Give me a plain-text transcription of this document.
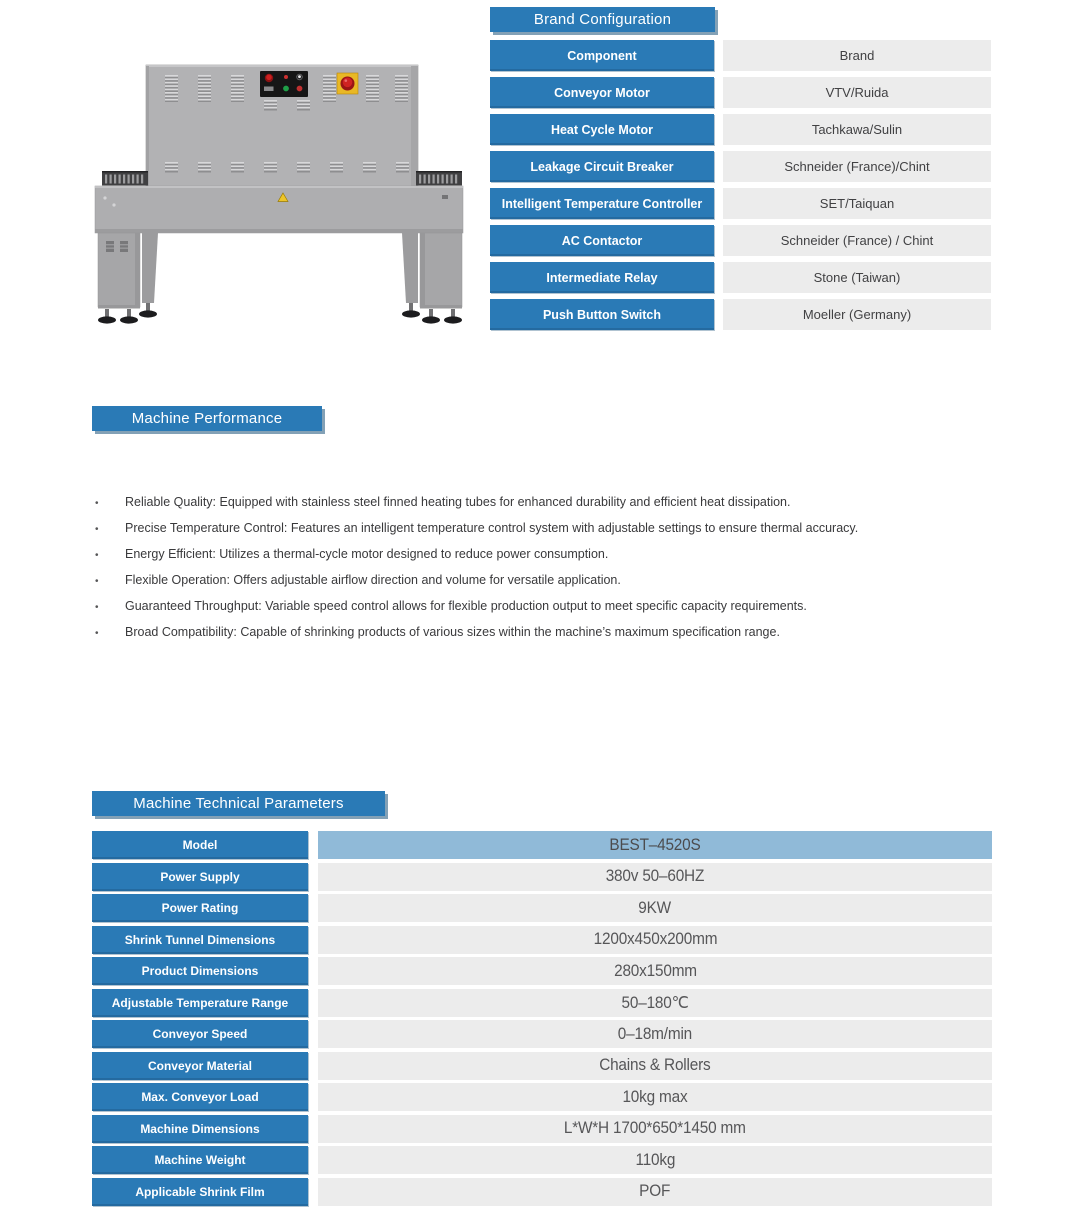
Brand Configuration
Component	Brand
Conveyor Motor	VTV/Ruida
Heat Cycle Motor	Tachkawa/Sulin
Leakage Circuit Breaker	Schneider (France)/Chint
Intelligent Temperature Controller	SET/Taiquan
AC Contactor	Schneider (France) / Chint
Intermediate Relay	Stone (Taiwan)
Push Button Switch	Moeller (Germany)
Machine Performance
• Reliable Quality: Equipped with stainless steel finned heating tubes for enhanced durability and efficient heat dissipation.
• Precise Temperature Control: Features an intelligent temperature control system with adjustable settings to ensure thermal accuracy.
• Energy Efficient: Utilizes a thermal-cycle motor designed to reduce power consumption.
• Flexible Operation: Offers adjustable airflow direction and volume for versatile application.
• Guaranteed Throughput: Variable speed control allows for flexible production output to meet specific capacity requirements.
• Broad Compatibility: Capable of shrinking products of various sizes within the machine’s maximum specification range.
Machine Technical Parameters
Model	BEST–4520S
Power Supply	380v 50–60HZ
Power Rating	9KW
Shrink Tunnel Dimensions	1200x450x200mm
Product Dimensions	280x150mm
Adjustable Temperature Range	50–180℃
Conveyor Speed	0–18m/min
Conveyor Material	Chains & Rollers
Max. Conveyor Load	10kg max
Machine Dimensions	L*W*H 1700*650*1450 mm
Machine Weight	110kg
Applicable Shrink Film	POF
